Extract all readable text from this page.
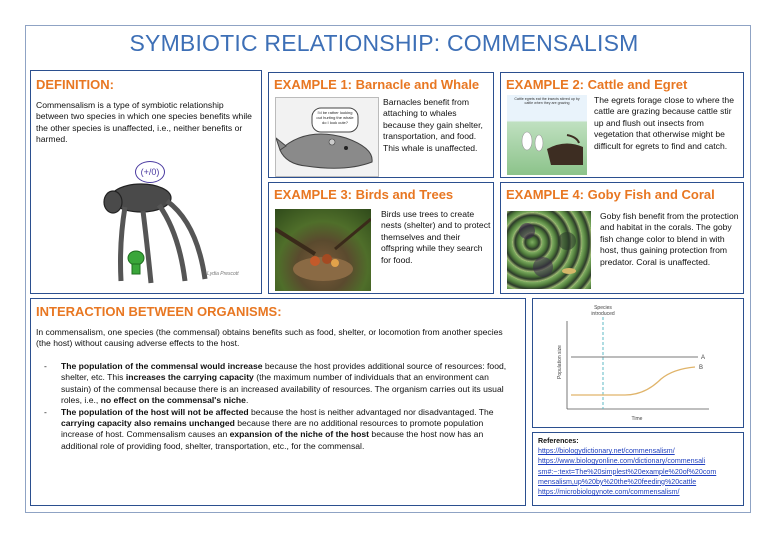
SYMBIOTIC RELATIONSHIP: COMMENSALISM
DEFINITION:
Commensalism is a type of symbiotic relationship between two species in which one species benefits while the other species is unaffected, i.e., neither benefits or harmed.
(+/0)
Lydia Prescott
EXAMPLE 1: Barnacle and Whale
I'd be rather looking out hurting the whale do I look cute?
Barnacles benefit from attaching to whales because they gain shelter, transportation, and food. This whale is unaffected.
EXAMPLE 2: Cattle and Egret
Cattle egrets eat the insects stirred up by cattle when they are grazing	The egrets forage close to where the cattle are grazing because cattle stir up and flush out insects from vegetation that otherwise might be difficult for egrets to find and catch.
EXAMPLE 3: Birds and Trees
Birds use trees to create nests (shelter) and to protect themselves and their offspring while they search for food.
EXAMPLE 4: Goby Fish and Coral
Goby fish benefit from the protection and habitat in the corals. The goby fish change color to blend in with host, thus gaining protection from predator. Coral is unaffected.
INTERACTION BETWEEN ORGANISMS:
In commensalism, one species (the commensal) obtains benefits such as food, shelter, or locomotion from another species (the host) without causing adverse effects to the host.
- The population of the commensal would increase because the host provides additional source of resources: food, shelter, etc. This increases the carrying capacity (the maximum number of individuals that an environment can sustain) of the commensal because there is an increased availability of resources. The organism carries out its usual roles, i.e., no effect on the commensal's niche.
- The population of the host will not be affected because the host is neither advantaged nor disadvantaged. The carrying capacity also remains unchanged because there are no additional resources to promote population increase of host. Commensalism causes an expansion of the niche of the host because the host now has an additional role of providing food, shelter, transportation, etc., for the commensal.
Species
introduced
A
B
Time
Population size
References:
https://biologydictionary.net/commensalism/
https://www.biologyonline.com/dictionary/commensali
sm#:~:text=The%20simplest%20example%20of%20com
mensalism,up%20by%20the%20feeding%20cattle
https://microbiologynote.com/commensalism/
